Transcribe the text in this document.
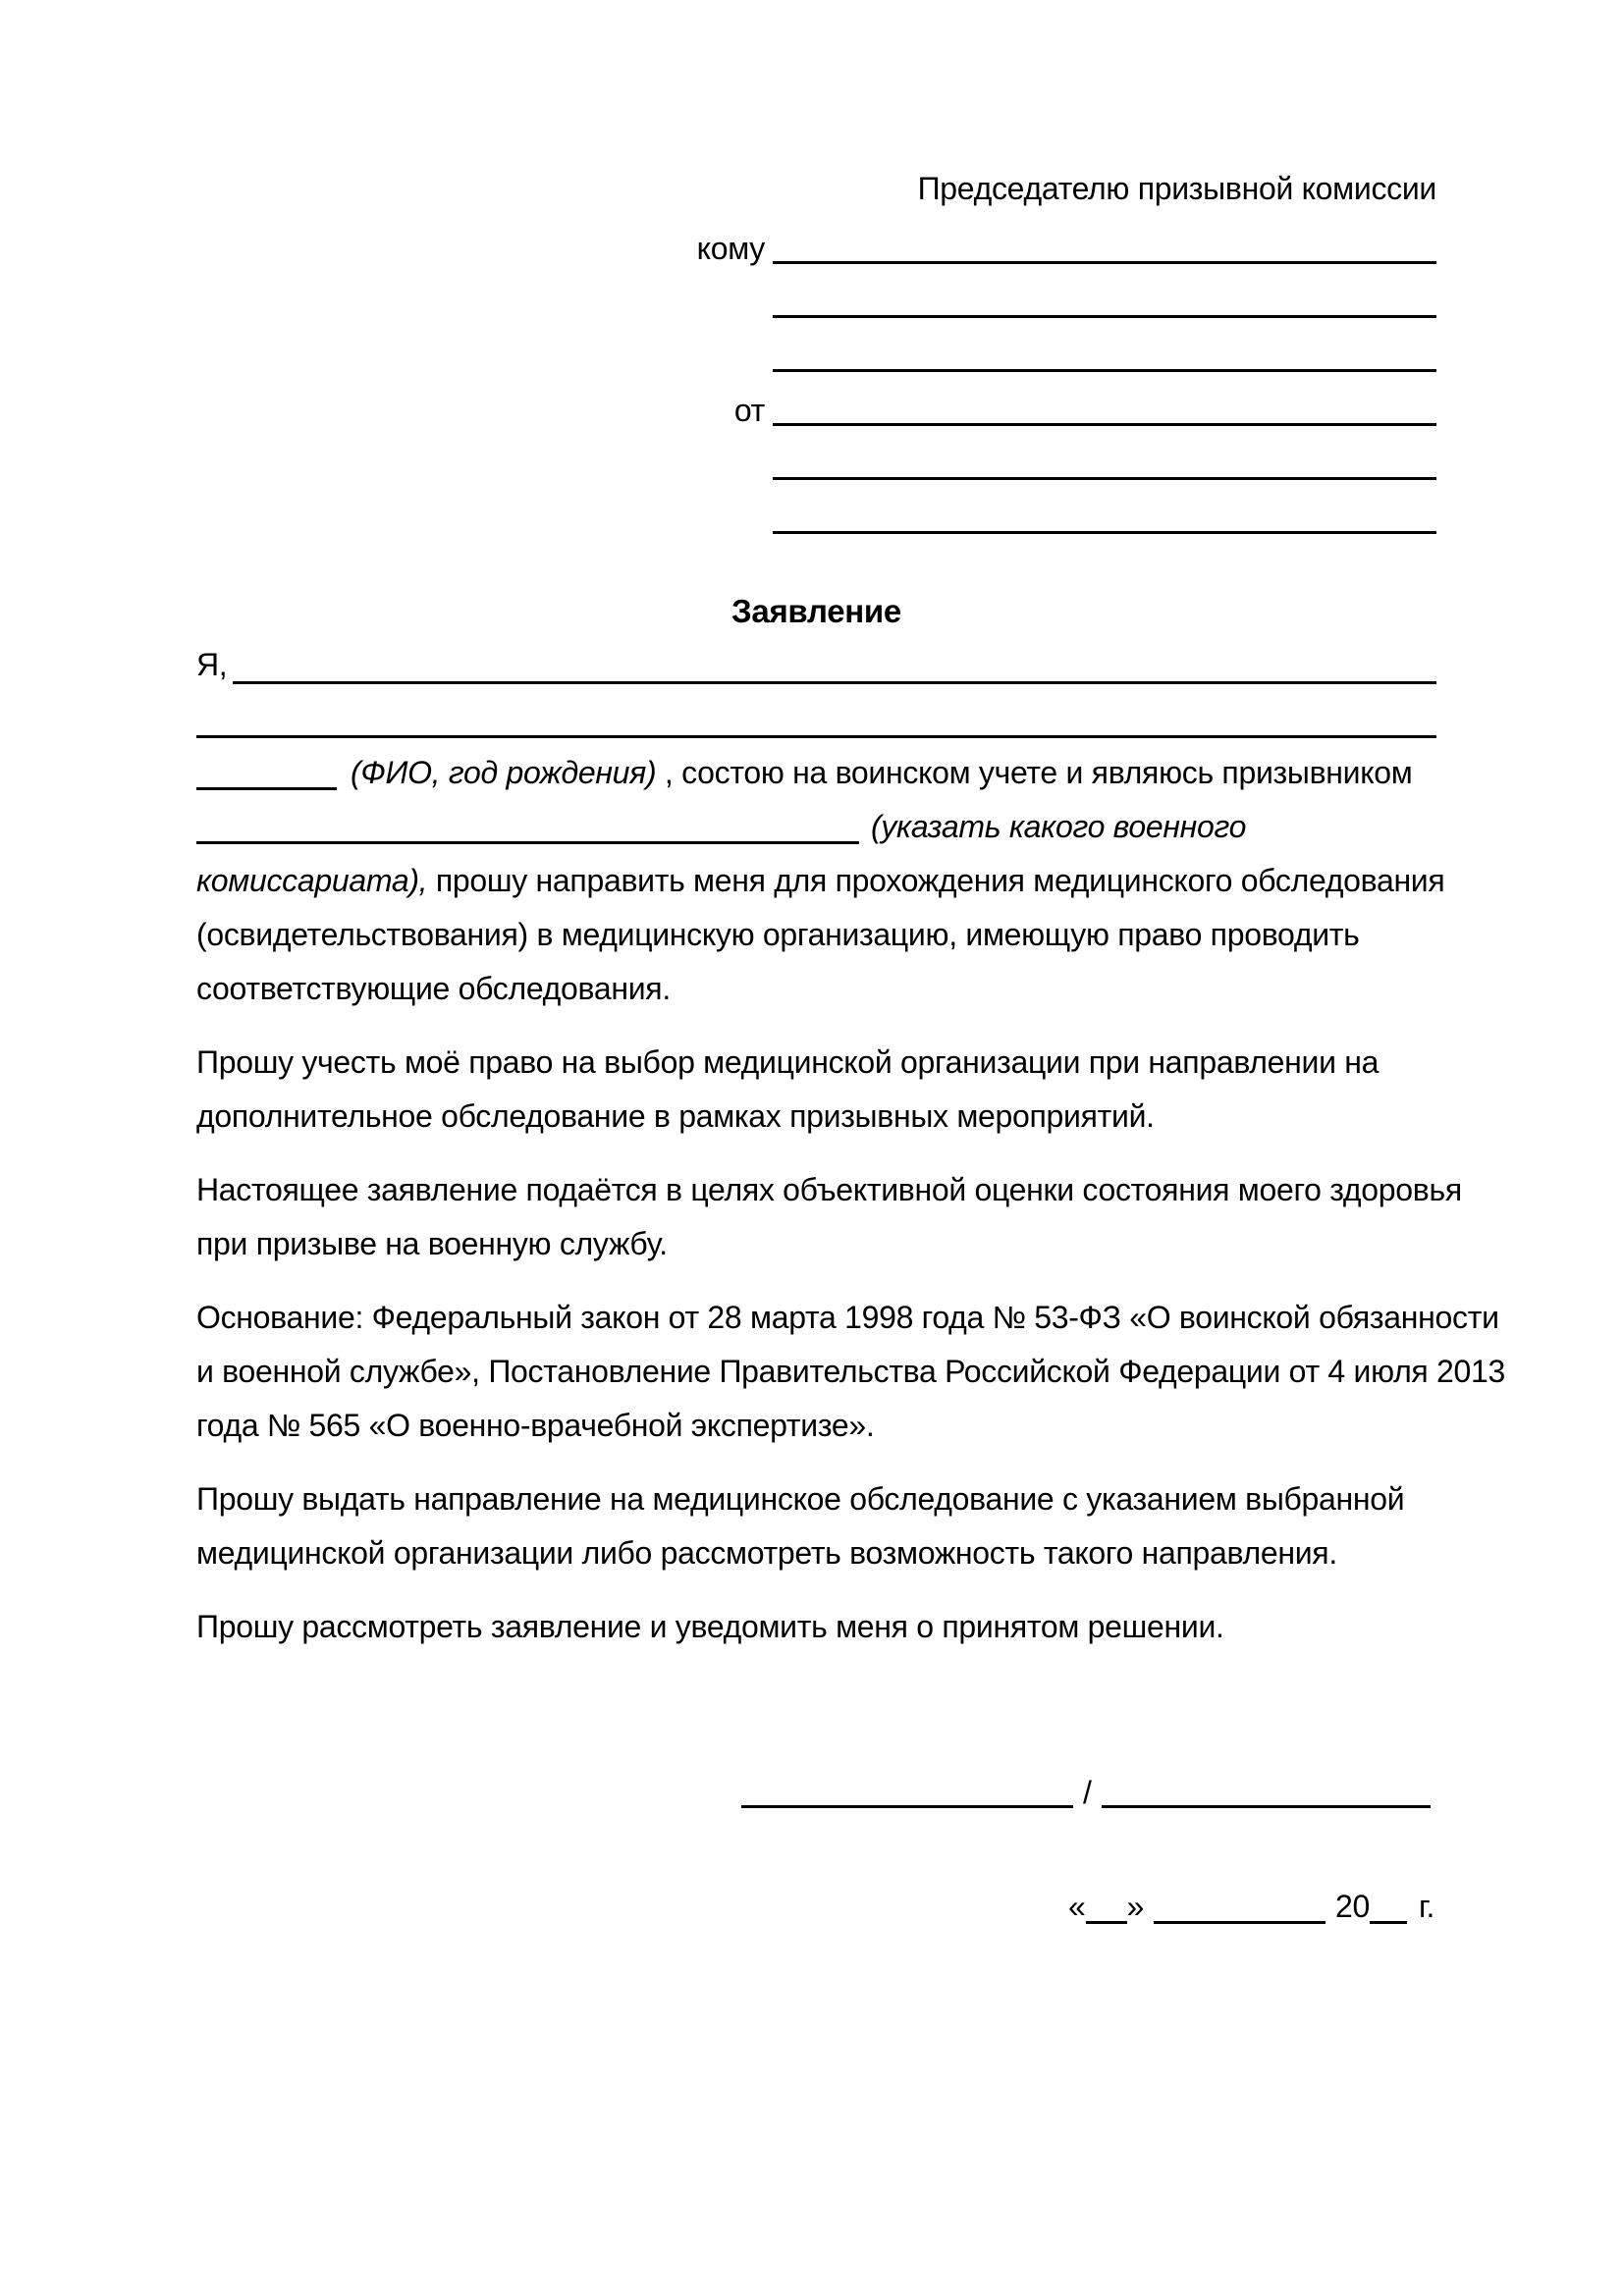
Председателю призывной комиссии
кому
от
Заявление
Я,
(ФИО, год рождения) , состою на воинском учете и являюсь призывником
(указать какого военного
комиссариата), прошу направить меня для прохождения медицинского обследования
(освидетельствования) в медицинскую организацию, имеющую право проводить
соответствующие обследования.
Прошу учесть моё право на выбор медицинской организации при направлении на
дополнительное обследование в рамках призывных мероприятий.
Настоящее заявление подаётся в целях объективной оценки состояния моего здоровья
при призыве на военную службу.
Основание: Федеральный закон от 28 марта 1998 года № 53-ФЗ «О воинской обязанности
и военной службе», Постановление Правительства Российской Федерации от 4 июля 2013
года № 565 «О военно-врачебной экспертизе».
Прошу выдать направление на медицинское обследование с указанием выбранной
медицинской организации либо рассмотреть возможность такого направления.
Прошу рассмотреть заявление и уведомить меня о принятом решении.
/
« »	20 г.
